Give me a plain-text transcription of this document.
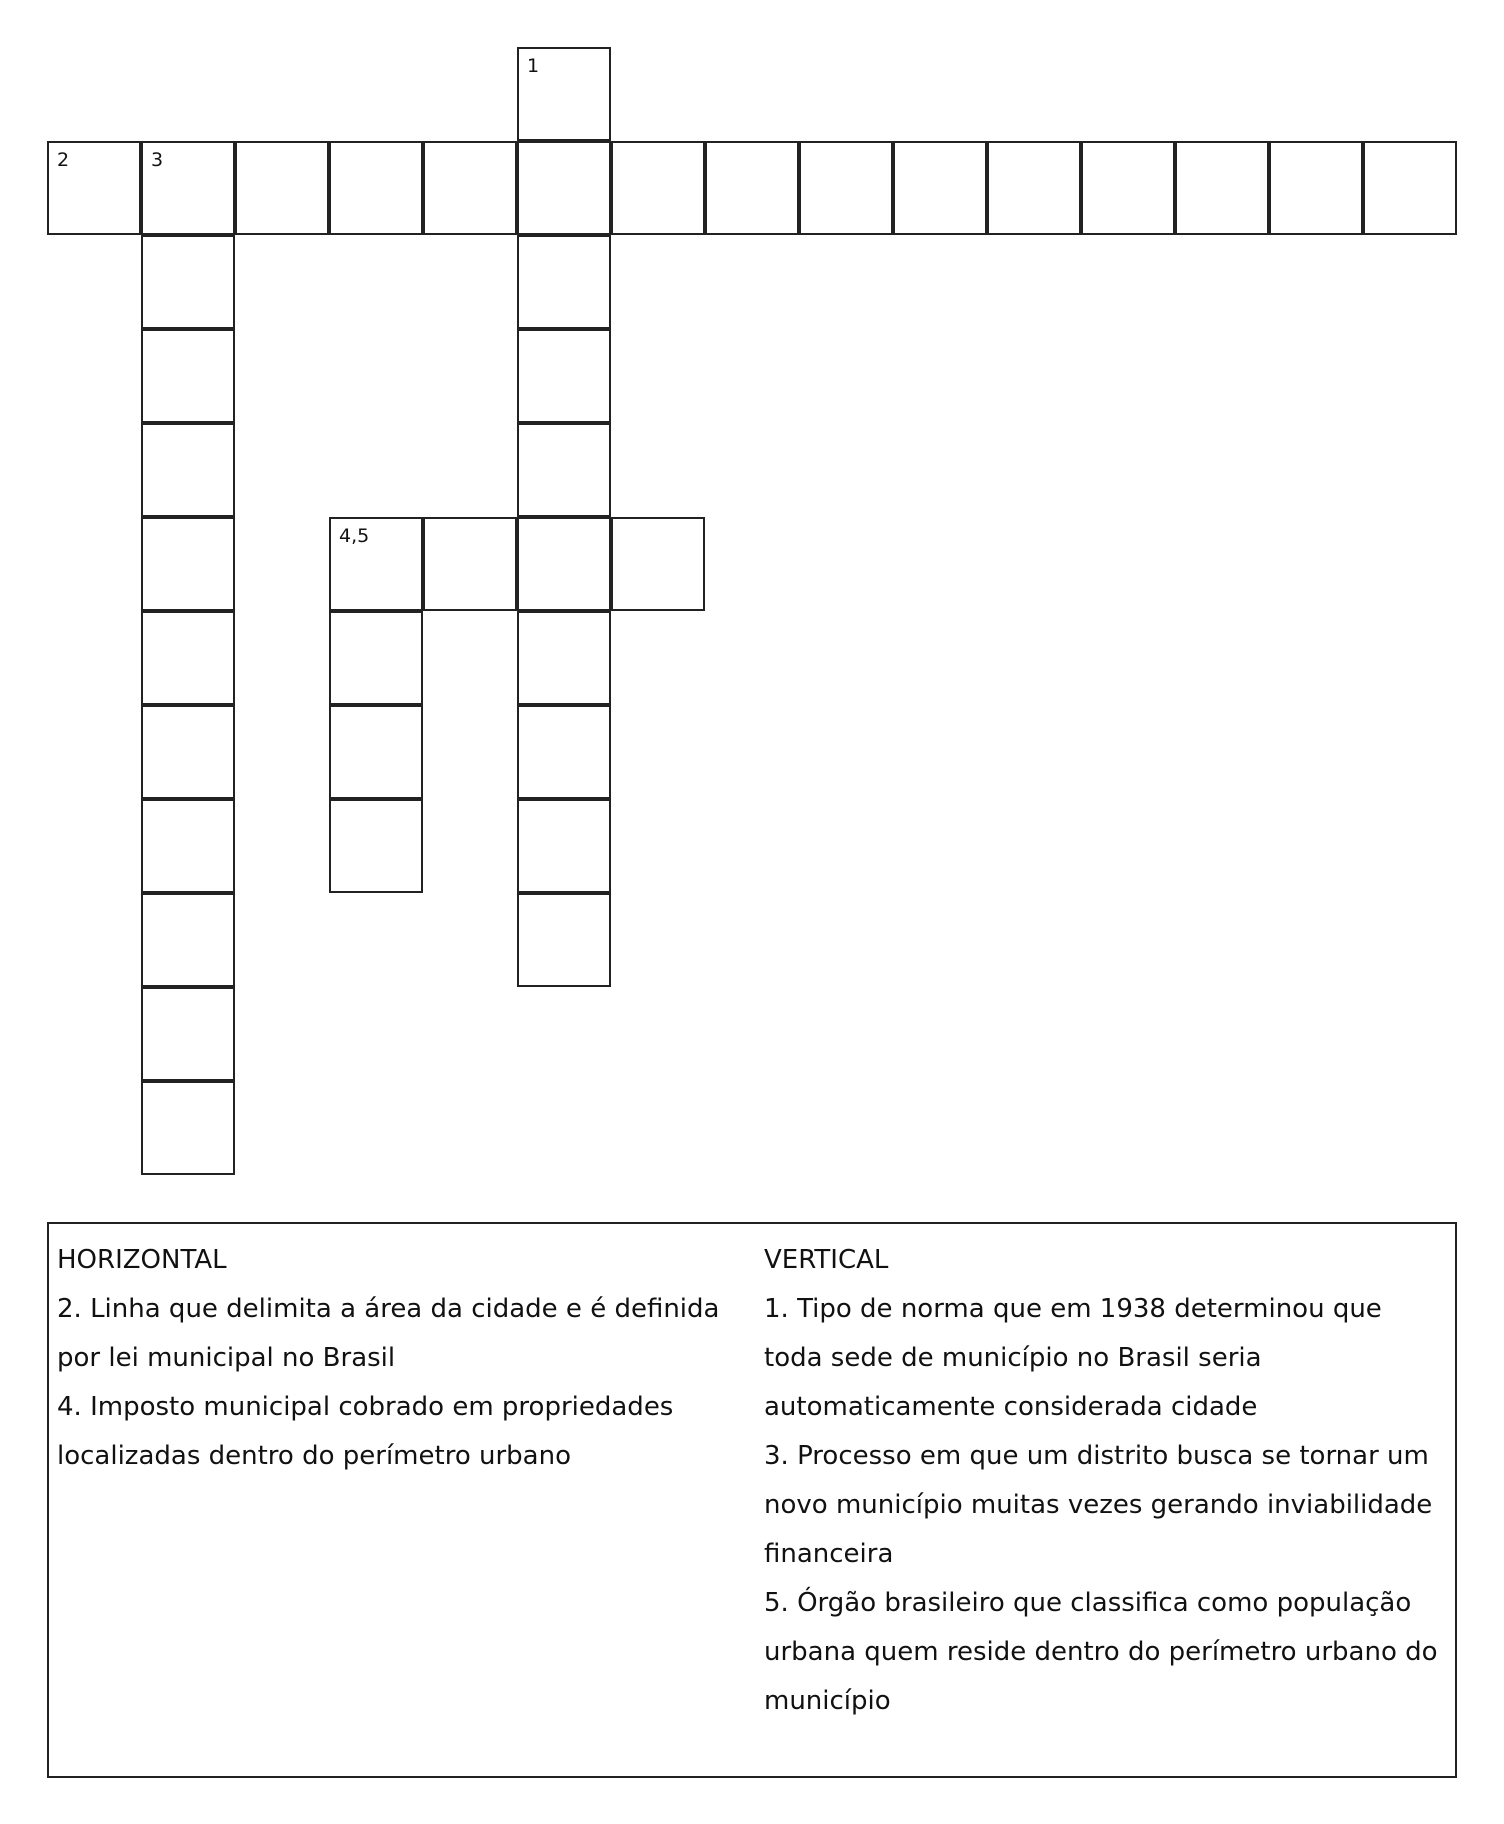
1
2	3
4,5
HORIZONTAL
2. Linha que delimita a área da cidade e é definida
por lei municipal no Brasil
4. Imposto municipal cobrado em propriedades
localizadas dentro do perímetro urbano
VERTICAL
1. Tipo de norma que em 1938 determinou que
toda sede de município no Brasil seria
automaticamente considerada cidade
3. Processo em que um distrito busca se tornar um
novo município muitas vezes gerando inviabilidade
financeira
5. Órgão brasileiro que classifica como população
urbana quem reside dentro do perímetro urbano do
município
